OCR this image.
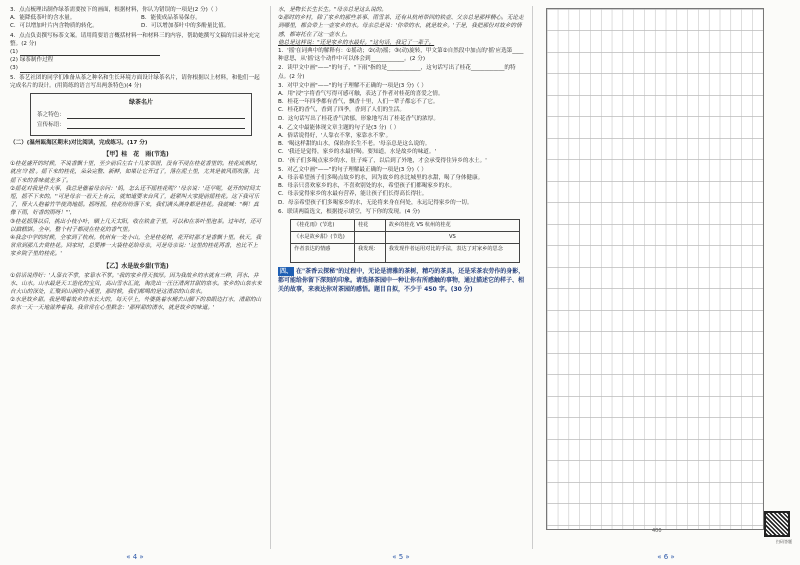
3．点点梳理出制作绿茶需要按下的画面，根据材料，你认为错误的一项是(2 分)（ ）

A．能降低茶叶的含水量。	B．能使成品茶易保存。
C．可以增加叶片内含物质的转化。	D．可以增加茶叶中的多酚量比值。

4．点点负责撰写标茶文案。请用简要语言概括材料一和材料三的内容，帮助她撰写文稿的目录补充完整。(2 分)

(1)

(2) 绿茶制作过程

(3)

5．茶艺社团的同学们准备从茶之种名和生长环境方面设计绿茶名片，请你根据以上材料，和他们一起完成名片的设计。(用简练的语言写出两条特色)(4 分)

绿茶名片
茶之特色：
宣传标语：

（二）(温州瓯海区期末)对比阅读，完成练习。(17 分)

【甲】桂　花　雨(节选)

①桂花盛开的时候，不说香飘十里，至少前后左右十几家邻居，没有不浸在桂花香里的。桂花成熟时，就应当'摇'。摇下来的桂花，朵朵完整、新鲜，如果让它开过了，落在泥土里，尤其是被风雨吹落，比摇下来的香味就差多了。

②摇花对我是件大事，我总是催着母亲问：'妈，怎么还不摇桂花呢？'母亲说：'还早呢，花开的时间太短，摇不下来的。''可是母亲一看天上有云，就知道要来台风了，赶紧叫大家提前摇桂花。这下我可乐了，帮大人抱着竹竿使劲地摇。摇呀摇，桂花纷纷落下来，我们满头满身都是桂花。我就喊："啊！真像下雨，好香的雨呀！"',

③桂花摇落以后，挑出小枝小叶，晒上几天太阳，收在铁盒子里，可以和在茶叶里泡茶。过年时，还可以做糕饼。全年，整个村子都浸在桂花的香气里。

④我念中学的时候，全家到了杭州。杭州有一处小山，全是桂花树，花开时那才是香飘十里。秋天，我常常到那儿去赏桂花。回家时，总要捧一大袋桂花给母亲，可是母亲说：'这里的桂花再香，也比不上家乡院子里的桂花。'

【乙】水是故乡甜(节选)

①俗话说得好：'人靠衣不掌，家靠水不掌。'我的家乡得天独厚。因为我故乡的水就有三种，河水、井水、山水。山水最是天工造化的宝贝，高山雪水汇流，淘洗出一汪汪清冽甘甜的泉水。家乡的山泉水来自大山的深处，汇聚到山涧的小溪里，那时候，我们都喝的是这清凉的山泉水。

②水是故乡甜。我是喝着故乡的水长大的，每天早上，外婆挑着水桶去山脚下的泉眼边打水，清甜的山泉水一天一天地滋养着我。我常常在心里默念：'那样甜的清水，就是故乡的味道。'

« 4 »

水，是物长长生长生。"母亲总是这么说的。

②那时的乡村，除了家乡的那些茶事、雨雪茶、还有从杭州带回的铁壶、父亲总是那样精心。无论走到哪里，都会带上一壶家乡的水。母亲总是说：'你带的水，就是故乡。'于是，我把那份对故乡的情感，都寄托在了这一壶水上。

他总是这样说："还是家乡的水最好。"这句话，我记了一辈子。

1．'摇'在词典中的解释有：①摇动；②(动)摇；③(动)旋转，甲文第②自然段中加点的'摇'应选第____种意思，从'摇'这个动作中可以体会到____________。(2 分)

2．读甲文中画"——"的句子，"下雨"指的是____________，这句话写出了桂花____________的特点。(2 分)

3．对甲文中画"——"的句子理解不正确的一项是(3 分)（ ）

A．用"浸"字将香气写得可感可触，表达了作者对桂花的喜爱之情。
B．桂花一年四季都有香气，飘香十里，人们一辈子都忘不了它。
C．桂花的香气，香到了四季，香到了人们的生活。
D．这句话写出了桂花香气浓郁，形象地写出了桂花香气的浓厚。

4．乙文中最能体现文章主题的句子是(3 分)（ ）

A．俗话说得好，'人靠衣不掌，家靠水不掌'。
B．'喝这样甜的山水，保佑你长生不老。'母亲总是这么说的。
C．'我还是觉得，家乡的水最好喝。要知道，水是故乡的味道。'
D．'孩子们多喝点家乡的水，肚子疼了，以后到了外地，才会承受得住异乡的水土。'

5．对乙文中画"——"的句子理解最正确的一项是(3 分)（ ）

A．母亲希望孩子们多喝点故乡的水，因为故乡的水比城里的水甜，喝了身体健康。
B．母亲只喜欢家乡的水，不喜欢别处的水，希望孩子们都喝家乡的水。
C．母亲觉得家乡的水最有营养，能让孩子们长得高长得壮。
D．母亲希望孩子们多喝家乡的水，无论将来身在何处，永远记得家乡的一切。

6．联读两篇选文，根据提示填空，写下你的发现。(4 分)

《桂花雨》(节选)	桂花	故乡的桂花 VS 杭州的桂花
《水是故乡甜》(节选)		VS
作者表达的情感	我发现：	我发现作者运用对比的手法，表达了对家乡的思念
四、 在"茶香云探秘"的过程中，无论是清雅的茶树，精巧的茶具，还是采茶农劳作的身影，都可能给你留下深刻的印象。请选择茶园中一种让你有所感触的事物，通过描述它的样子、相关的故事，来表达你对茶园的感悟。题目自拟，不少于 450 字。(30 分)
« 5 »
400
扫码答题
« 6 »
